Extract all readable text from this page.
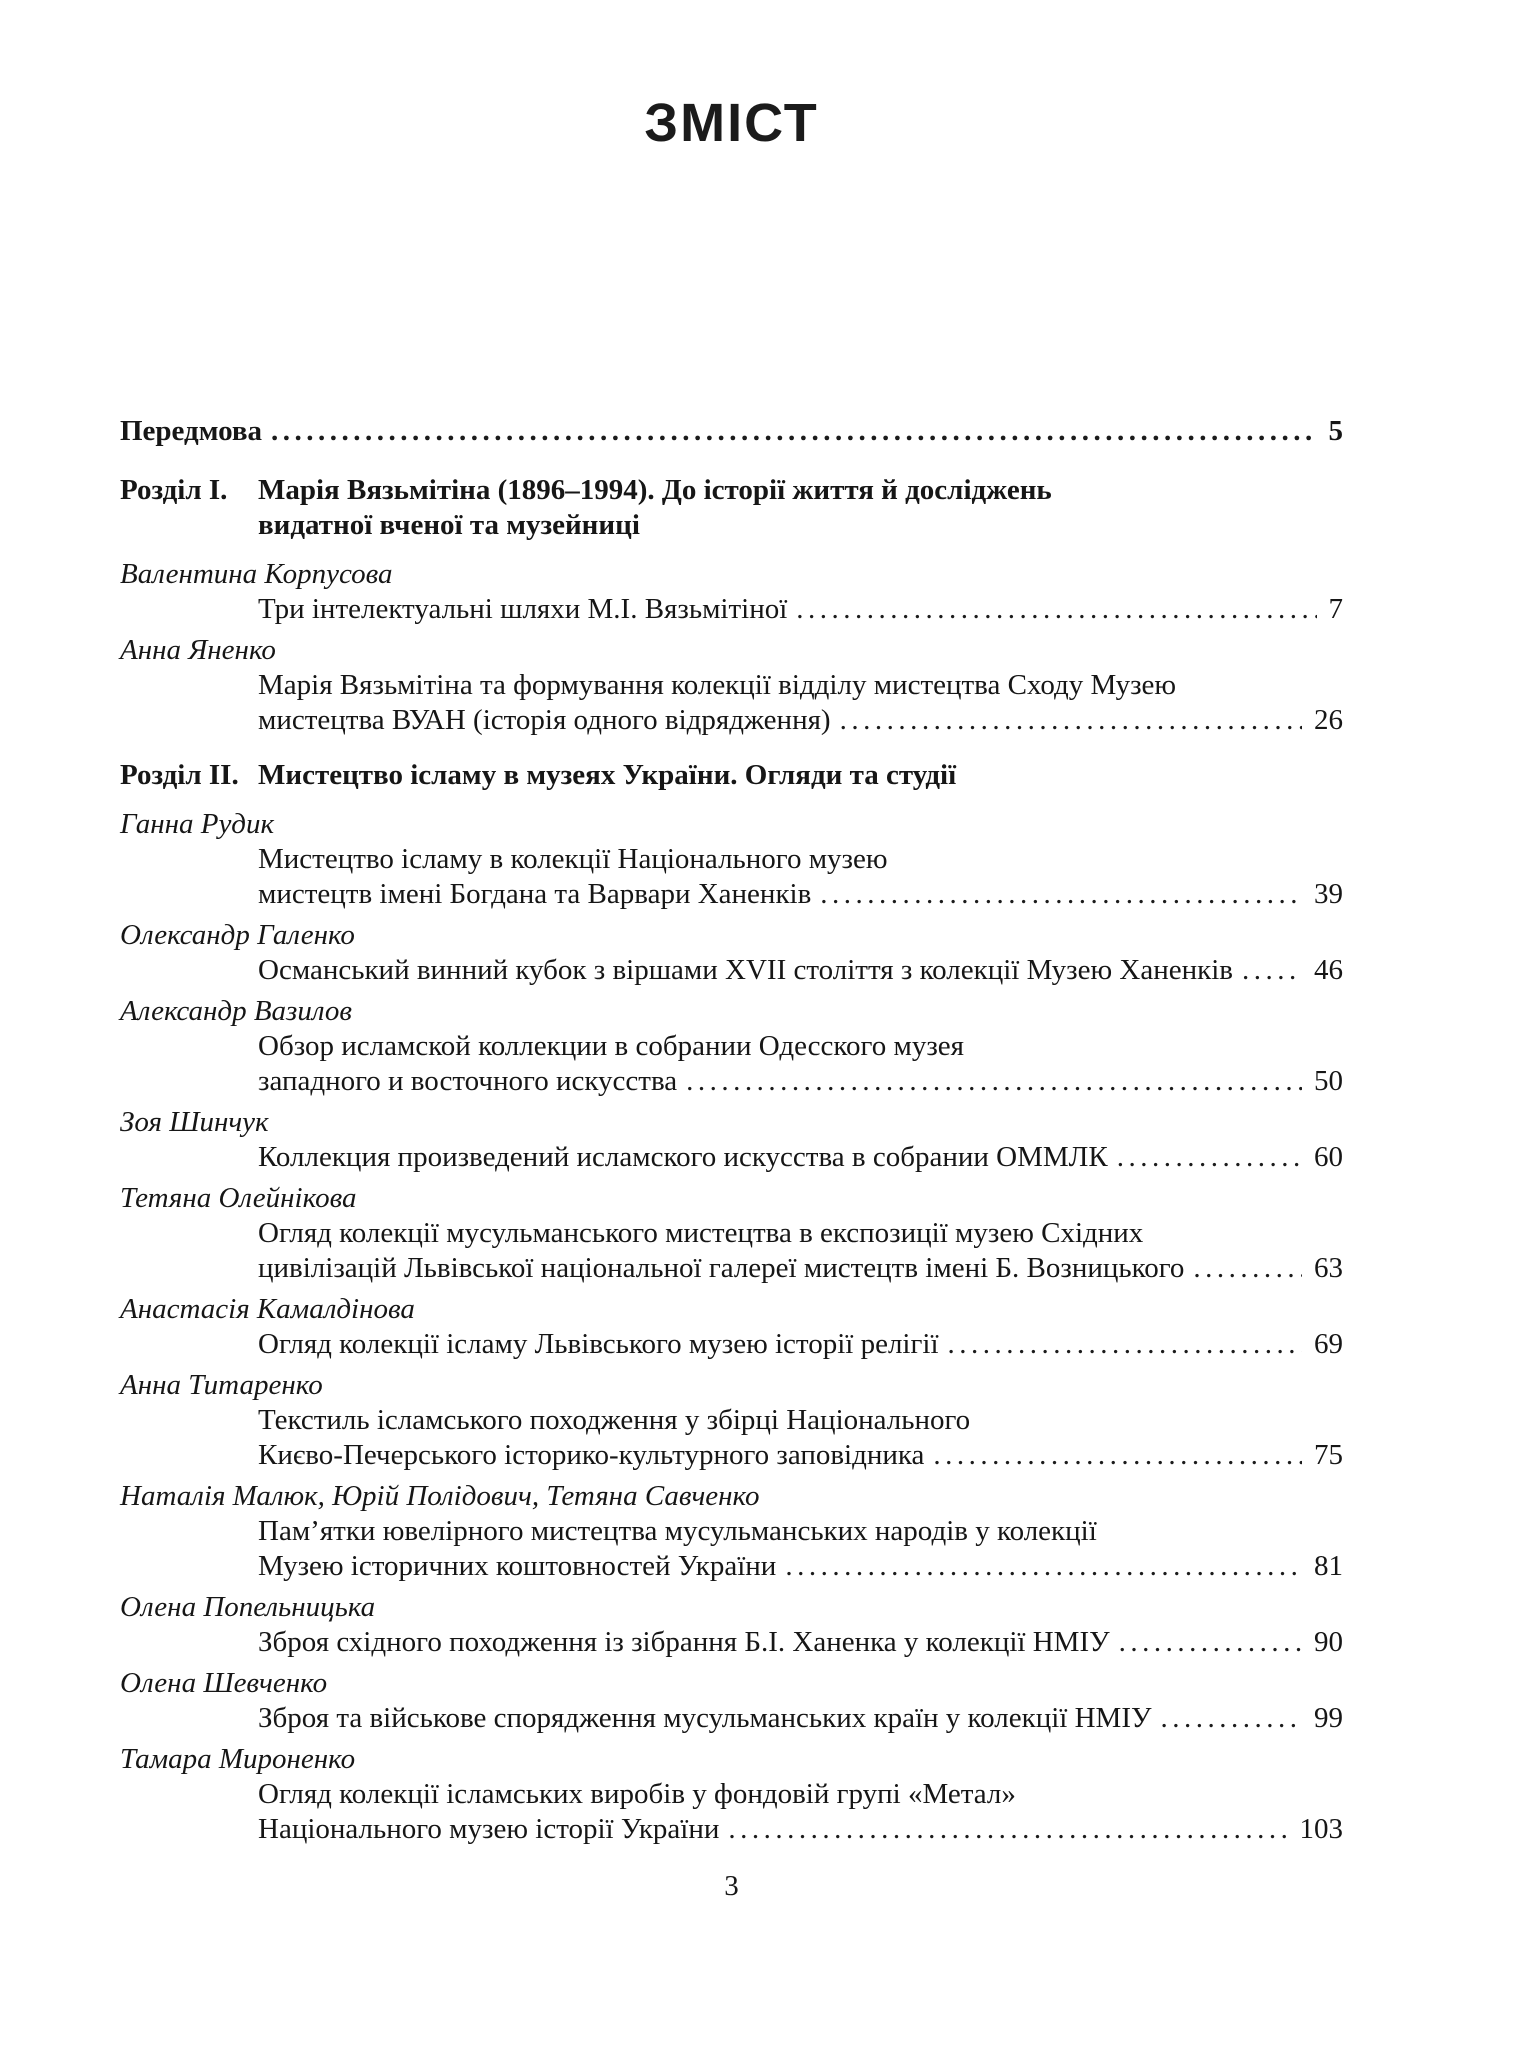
ЗМІСТ
Передмова .....	5
Розділ I. Марія Вязьмітіна (1896–1994). До історії життя й досліджень
видатної вченої та музейниці
Валентина Корпусова
Три інтелектуальні шляхи М.І. Вязьмітіної .....	7
Анна Яненко
Марія Вязьмітіна та формування колекції відділу мистецтва Сходу Музею
мистецтва ВУАН (історія одного відрядження) .....	26
Розділ II. Мистецтво ісламу в музеях України. Огляди та студії
Ганна Рудик
Мистецтво ісламу в колекції Національного музею
мистецтв імені Богдана та Варвари Ханенків .....	39
Олександр Галенко
Османський винний кубок з віршами XVII століття з колекції Музею Ханенків .....	46
Александр Вазилов
Обзор исламской коллекции в собрании Одесского музея
западного и восточного искусства .....	50
Зоя Шинчук
Коллекция произведений исламского искусства в собрании ОММЛК .....	60
Тетяна Олейнікова
Огляд колекції мусульманського мистецтва в експозиції музею Східних
цивілізацій Львівської національної галереї мистецтв імені Б. Возницького .....	63
Анастасія Камалдінова
Огляд колекції ісламу Львівського музею історії релігії .....	69
Анна Титаренко
Текстиль ісламського походження у збірці Національного
Києво-Печерського історико-культурного заповідника .....	75
Наталія Малюк, Юрій Полідович, Тетяна Савченко
Пам’ятки ювелірного мистецтва мусульманських народів у колекції
Музею історичних коштовностей України .....	81
Олена Попельницька
Зброя східного походження із зібрання Б.І. Ханенка у колекції НМІУ .....	90
Олена Шевченко
Зброя та військове спорядження мусульманських країн у колекції НМІУ .....	99
Тамара Мироненко
Огляд колекції ісламських виробів у фондовій групі «Метал»
Національного музею історії України .....	103
3
